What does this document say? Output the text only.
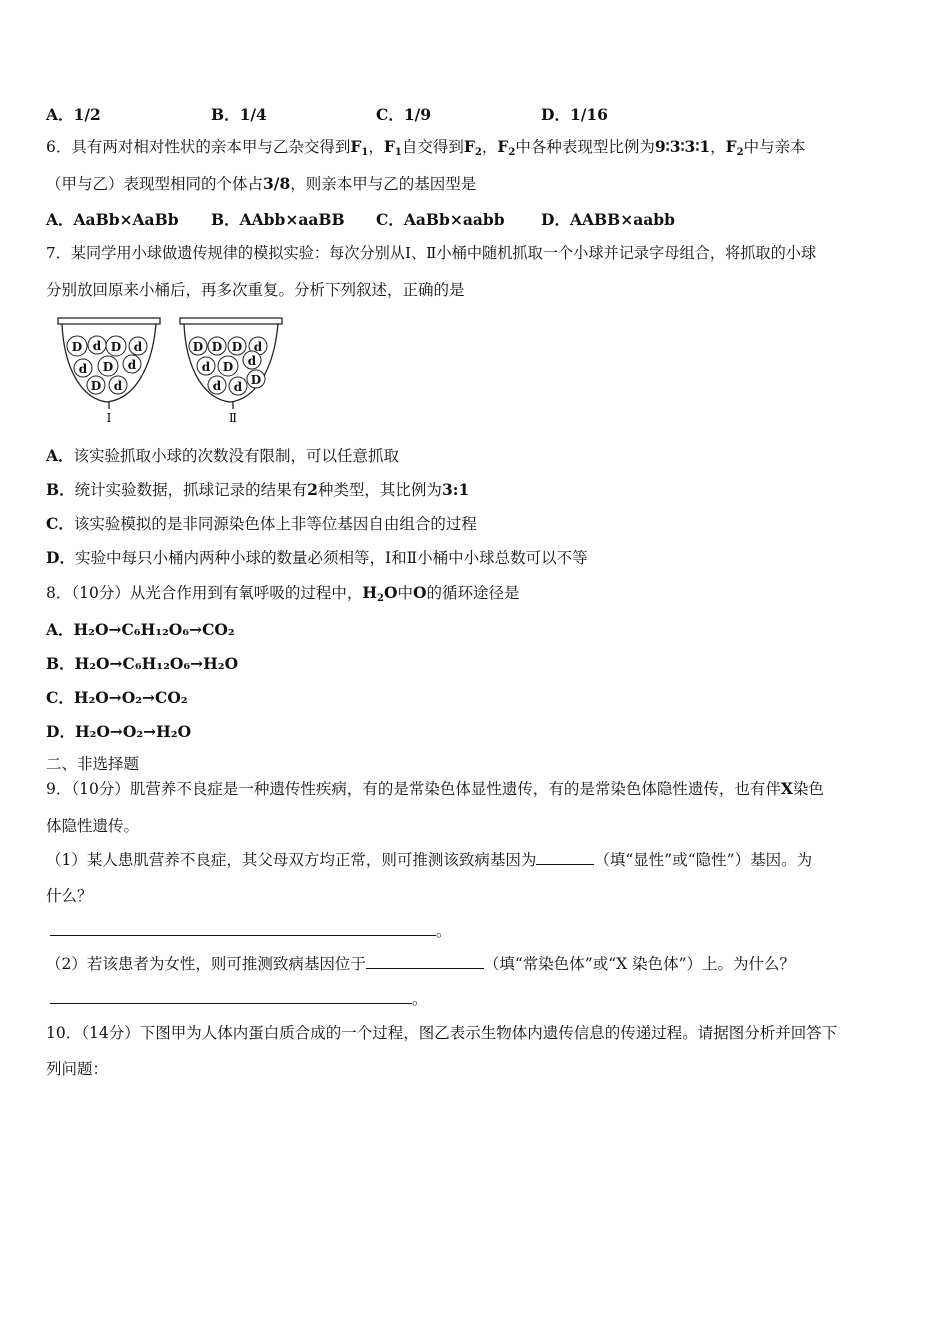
A．1/2	B．1/4	C．1/9	D．1/16
6．具有两对相对性状的亲本甲与乙杂交得到$F_1$，$F_1$自交得到$F_2$，$F_2$中各种表现型比例为9∶3∶3∶1，$F_2$中与亲本
（甲与乙）表现型相同的个体占3/8，则亲本甲与乙的基因型是
A．AaBb×AaBb B．AAbb×aaBB C．AaBb×aabb D．AABB×aabb
7．某同学用小球做遗传规律的模拟实验：每次分别从Ⅰ、Ⅱ小桶中随机抓取一个小球并记录字母组合，将抓取的小球
分别放回原来小桶后，再多次重复。分析下列叙述，正确的是
D d D d
d D d
D d
Ⅰ
D D D d
d D d
d d D
Ⅱ
A．该实验抓取小球的次数没有限制，可以任意抓取
B．统计实验数据，抓球记录的结果有2种类型，其比例为3:1
C．该实验模拟的是非同源染色体上非等位基因自由组合的过程
D．实验中每只小桶内两种小球的数量必须相等，Ⅰ和Ⅱ小桶中小球总数可以不等
8．（10分）从光合作用到有氧呼吸的过程中，$H_2O$中O的循环途径是
A．H₂O→C₆H₁₂O₆→CO₂
B．H₂O→C₆H₁₂O₆→H₂O
C．H₂O→O₂→CO₂
D．H₂O→O₂→H₂O
二、非选择题
9．（10分）肌营养不良症是一种遗传性疾病，有的是常染色体显性遗传，有的是常染色体隐性遗传，也有伴X染色
体隐性遗传。
（1）某人患肌营养不良症，其父母双方均正常，则可推测该致病基因为	（填“显性”或“隐性”）基因。为
什么？
。
（2）若该患者为女性，则可推测致病基因位于	（填“常染色体”或“X 染色体”）上。为什么？
。
10．（14分）下图甲为人体内蛋白质合成的一个过程，图乙表示生物体内遗传信息的传递过程。请据图分析并回答下
列问题：
